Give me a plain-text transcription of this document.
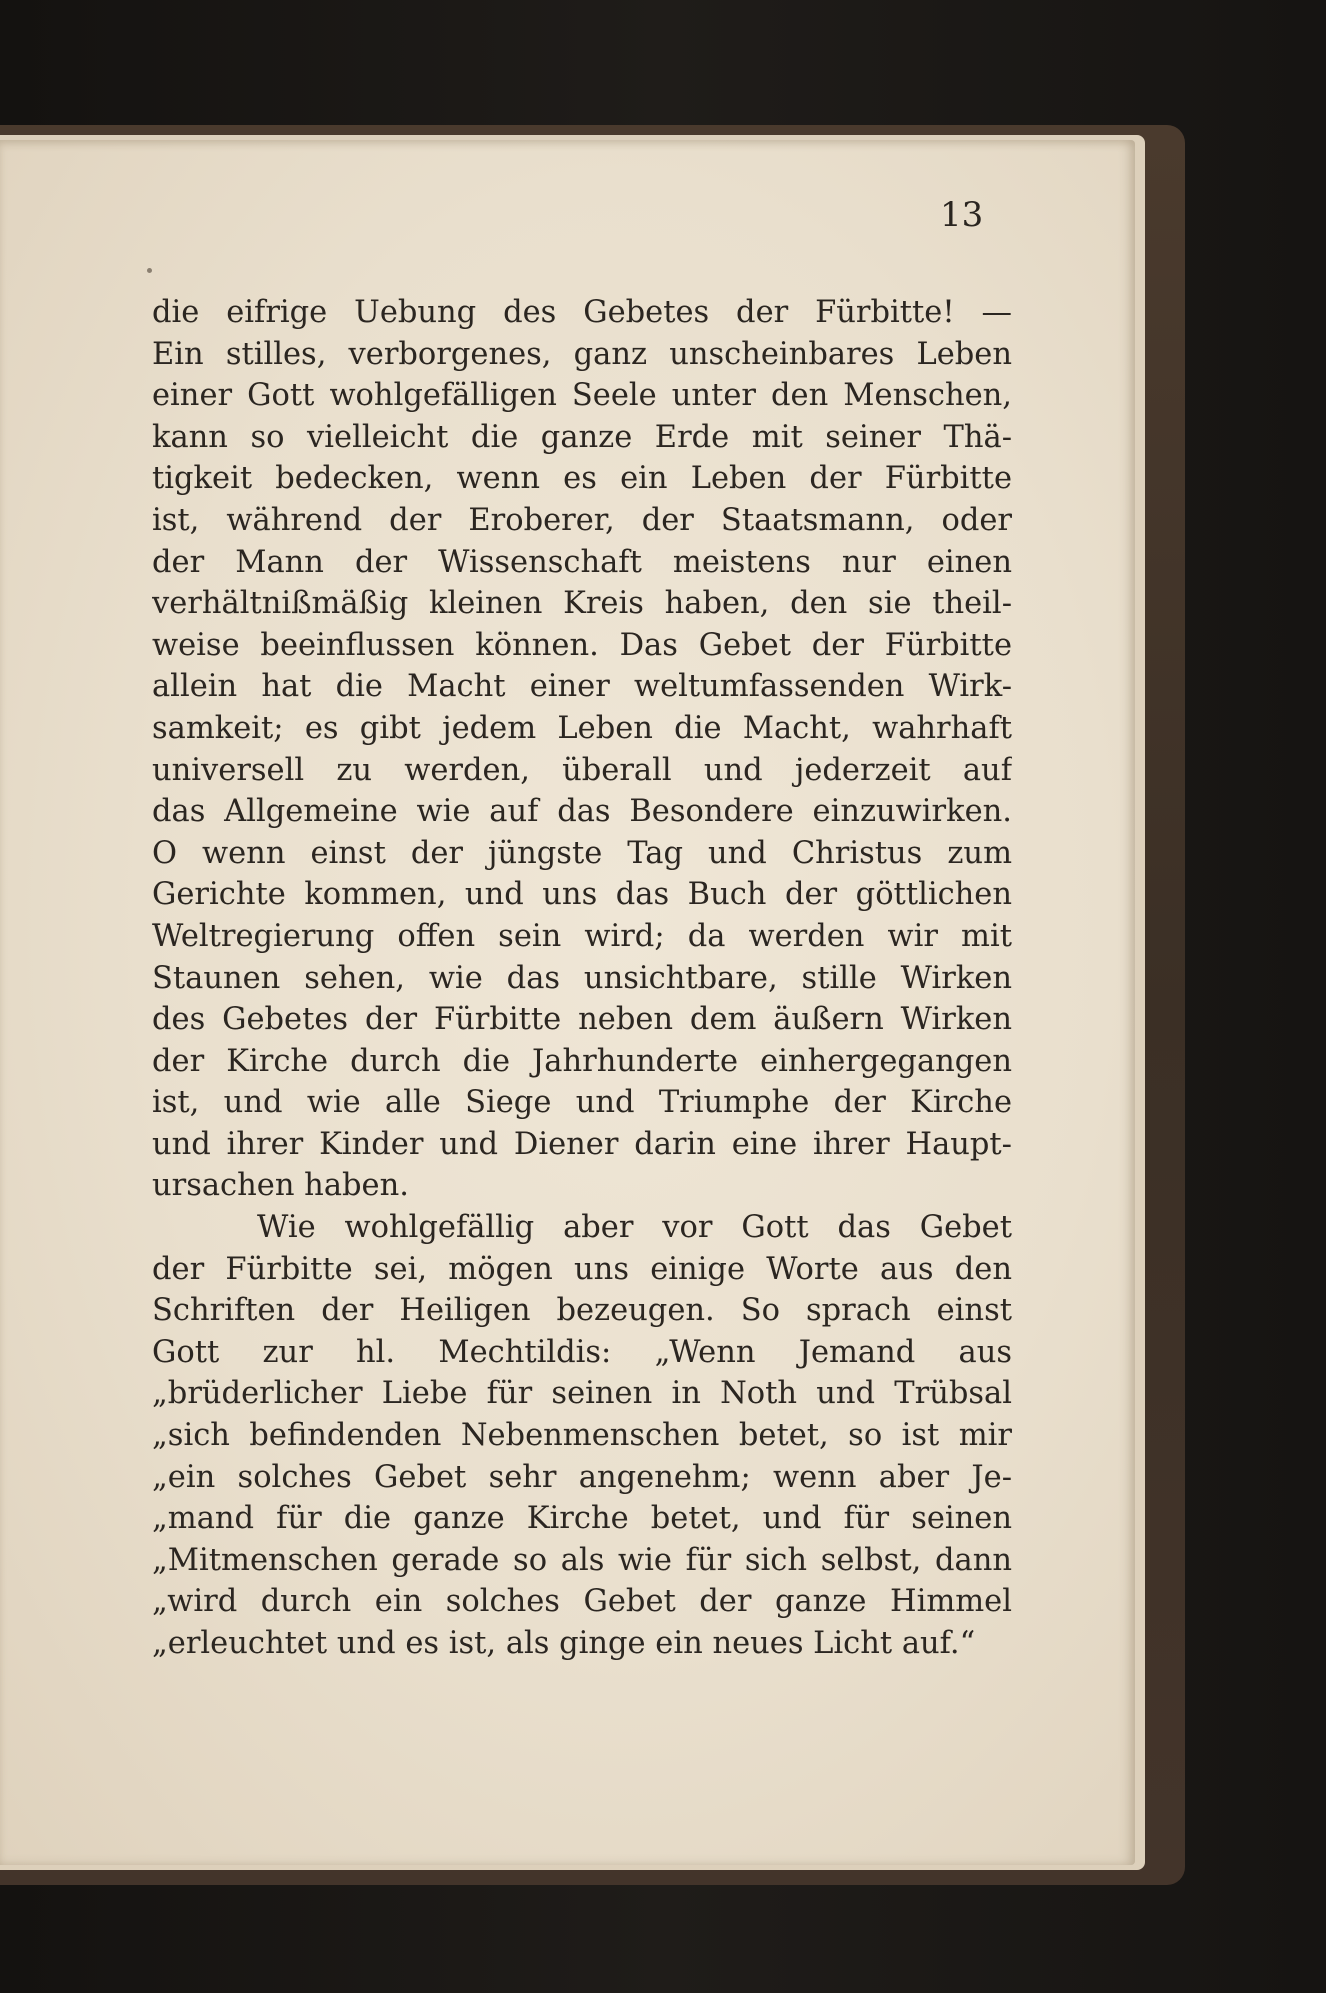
13

die eifrige Uebung des Gebetes der Fürbitte! —
Ein stilles, verborgenes, ganz unscheinbares Leben
einer Gott wohlgefälligen Seele unter den Menschen,
kann so vielleicht die ganze Erde mit seiner Thä-
tigkeit bedecken, wenn es ein Leben der Fürbitte
ist, während der Eroberer, der Staatsmann, oder
der Mann der Wissenschaft meistens nur einen
verhältnißmäßig kleinen Kreis haben, den sie theil-
weise beeinflussen können. Das Gebet der Fürbitte
allein hat die Macht einer weltumfassenden Wirk-
samkeit; es gibt jedem Leben die Macht, wahrhaft
universell zu werden, überall und jederzeit auf
das Allgemeine wie auf das Besondere einzuwirken.
O wenn einst der jüngste Tag und Christus zum
Gerichte kommen, und uns das Buch der göttlichen
Weltregierung offen sein wird; da werden wir mit
Staunen sehen, wie das unsichtbare, stille Wirken
des Gebetes der Fürbitte neben dem äußern Wirken
der Kirche durch die Jahrhunderte einhergegangen
ist, und wie alle Siege und Triumphe der Kirche
und ihrer Kinder und Diener darin eine ihrer Haupt-
ursachen haben.
Wie wohlgefällig aber vor Gott das Gebet
der Fürbitte sei, mögen uns einige Worte aus den
Schriften der Heiligen bezeugen. So sprach einst
Gott zur hl. Mechtildis: „Wenn Jemand aus
„brüderlicher Liebe für seinen in Noth und Trübsal
„sich befindenden Nebenmenschen betet, so ist mir
„ein solches Gebet sehr angenehm; wenn aber Je-
„mand für die ganze Kirche betet, und für seinen
„Mitmenschen gerade so als wie für sich selbst, dann
„wird durch ein solches Gebet der ganze Himmel
„erleuchtet und es ist, als ginge ein neues Licht auf.“
